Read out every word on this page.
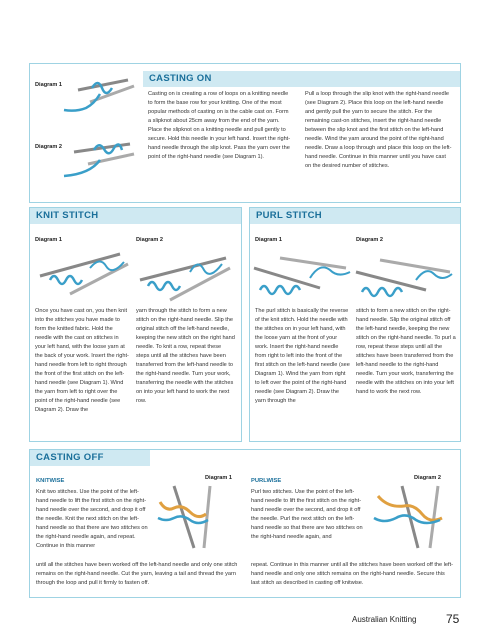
Diagram 1
Diagram 2
CASTING ON
Casting on is creating a row of loops on a knitting needle to form the base row for your knitting. One of the most popular methods of casting on is the cable cast on. Form a slipknot about 25cm away from the end of the yarn. Place the slipknot on a knitting needle and pull gently to secure. Hold this needle in your left hand. Insert the right-hand needle through the slip knot. Pass the yarn over the point of the right-hand needle (see Diagram 1).
Pull a loop through the slip knot with the right-hand needle (see Diagram 2). Place this loop on the left-hand needle and gently pull the yarn to secure the stitch. For the remaining cast-on stitches, insert the right-hand needle between the slip knot and the first stitch on the left-hand needle. Wind the yarn around the point of the right-hand needle. Draw a loop through and place this loop on the left-hand needle. Continue in this manner until you have cast on the desired number of stitches.
KNIT STITCH
Diagram 1	Diagram 2
Once you have cast on, you then knit into the stitches you have made to form the knitted fabric. Hold the needle with the cast on stitches in your left hand, with the loose yarn at the back of your work. Insert the right-hand needle from left to right through the front of the first stitch on the left-hand needle (see Diagram 1). Wind the yarn from left to right over the point of the right-hand needle (see Diagram 2). Draw the
yarn through the stitch to form a new stitch on the right-hand needle. Slip the original stitch off the left-hand needle, keeping the new stitch on the right hand needle. To knit a row, repeat these steps until all the stitches have been transferred from the left-hand needle to the right-hand needle. Turn your work, transferring the needle with the stitches on into your left hand to work the next row.
PURL STITCH
Diagram 1	Diagram 2
The purl stitch is basically the reverse of the knit stitch. Hold the needle with the stitches on in your left hand, with the loose yarn at the front of your work. Insert the right-hand needle from right to left into the front of the first stitch on the left-hand needle (see Diagram 1). Wind the yarn from right to left over the point of the right-hand needle (see Diagram 2). Draw the yarn through the
stitch to form a new stitch on the right-hand needle. Slip the original stitch off the left-hand needle, keeping the new stitch on the right-hand needle. To purl a row, repeat these steps until all the stitches have been transferred from the left-hand needle to the right-hand needle. Turn your work, transferring the needle with the stitches on into your left hand to work the next row.
CASTING OFF
KNITWISE
Knit two stitches. Use the point of the left-hand needle to lift the first stitch on the right-hand needle over the second, and drop it off the needle. Knit the next stitch on the left-hand needle so that there are two stitches on the right-hand needle again, and repeat. Continue in this manner
Diagram 1	PURLWISE
Purl two stitches. Use the point of the left-hand needle to lift the first stitch on the right-hand needle over the second, and drop it off the needle. Purl the next stitch on the left-hand needle so that there are two stitches on the right-hand needle again, and
Diagram 2
until all the stitches have been worked off the left-hand needle and only one stitch remains on the right-hand needle. Cut the yarn, leaving a tail and thread the yarn through the loop and pull it firmly to fasten off.
repeat. Continue in this manner until all the stitches have been worked off the left-hand needle and only one stitch remains on the right-hand needle. Secure this last stitch as described in casting off knitwise.
Australian Knitting 75
